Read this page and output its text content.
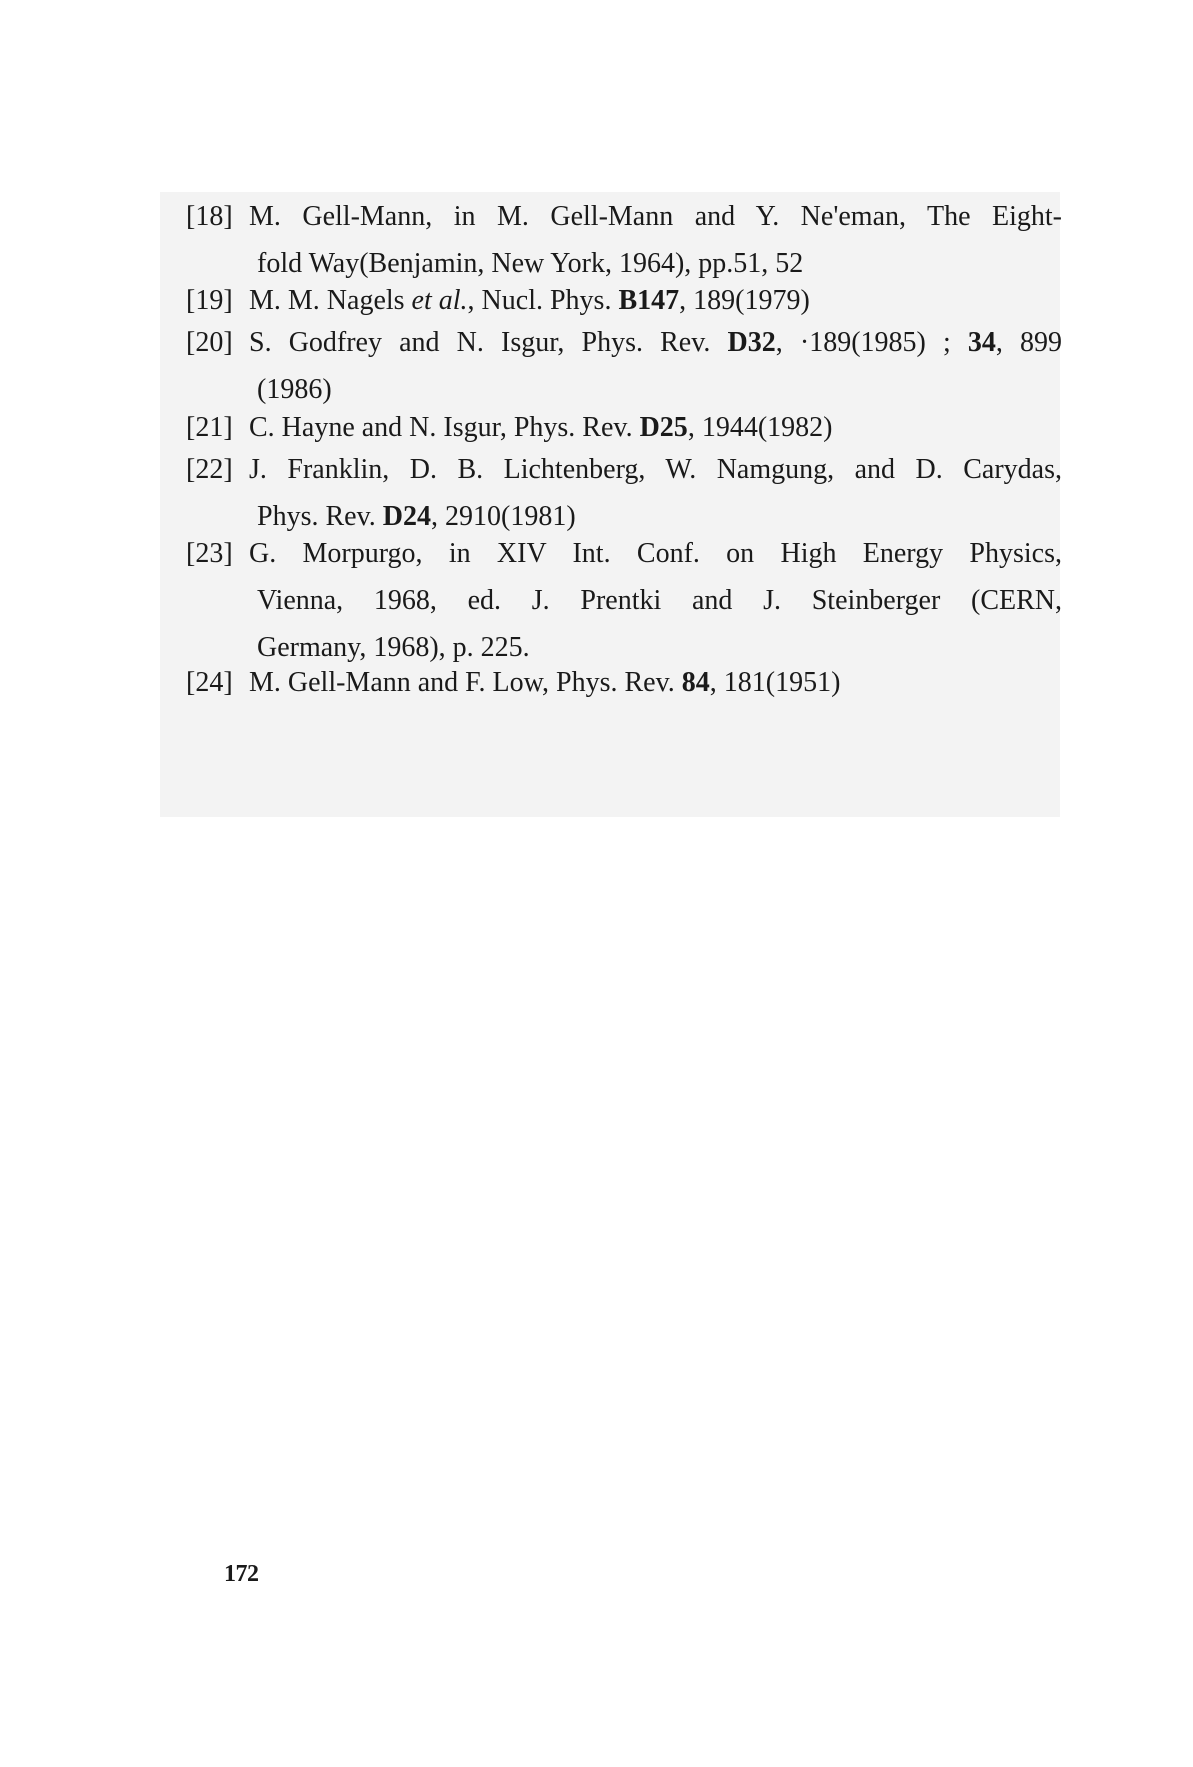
[18] M. Gell-Mann, in M. Gell-Mann and Y. Ne'eman, The Eight-
fold Way(Benjamin, New York, 1964), pp.51, 52
[19] M. M. Nagels et al., Nucl. Phys. B147, 189(1979)
[20] S. Godfrey and N. Isgur, Phys. Rev. D32, ·189(1985) ; 34, 899
(1986)
[21] C. Hayne and N. Isgur, Phys. Rev. D25, 1944(1982)
[22] J. Franklin, D. B. Lichtenberg, W. Namgung, and D. Carydas,
Phys. Rev. D24, 2910(1981)
[23] G. Morpurgo, in XIV Int. Conf. on High Energy Physics,
Vienna, 1968, ed. J. Prentki and J. Steinberger (CERN,
Germany, 1968), p. 225.
[24] M. Gell-Mann and F. Low, Phys. Rev. 84, 181(1951)
172
